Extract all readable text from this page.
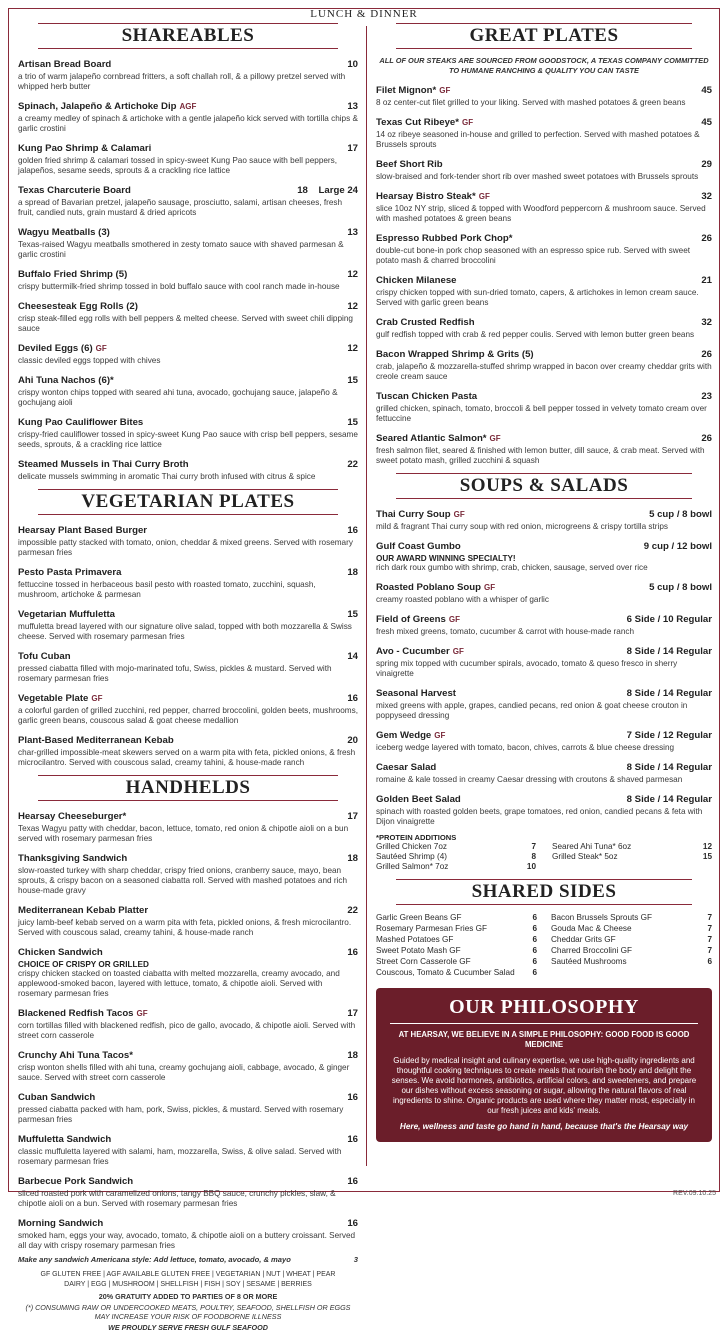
LUNCH & DINNER
SHAREABLES
Artisan Bread Board	10
a trio of warm jalapeño cornbread fritters, a soft challah roll, & a pillowy pretzel served with whipped herb butter
Spinach, Jalapeño & Artichoke Dip AGF	13
a creamy medley of spinach & artichoke with a gentle jalapeño kick served with tortilla chips & garlic crostini
Kung Pao Shrimp & Calamari	17
golden fried shrimp & calamari tossed in spicy-sweet Kung Pao sauce with bell peppers, jalapeños, sesame seeds, sprouts & a crackling rice lattice
Texas Charcuterie Board	18 Large 24
a spread of Bavarian pretzel, jalapeño sausage, prosciutto, salami, artisan cheeses, fresh fruit, candied nuts, grain mustard & dried apricots
Wagyu Meatballs (3)	13
Texas-raised Wagyu meatballs smothered in zesty tomato sauce with shaved parmesan & garlic crostini
Buffalo Fried Shrimp (5)	12
crispy buttermilk-fried shrimp tossed in bold buffalo sauce with cool ranch made in-house
Cheesesteak Egg Rolls (2)	12
crisp steak-filled egg rolls with bell peppers & melted cheese. Served with sweet chili dipping sauce
Deviled Eggs (6) GF	12
classic deviled eggs topped with chives
Ahi Tuna Nachos (6)*	15
crispy wonton chips topped with seared ahi tuna, avocado, gochujang sauce, jalapeño & gochujang aioli
Kung Pao Cauliflower Bites	15
crispy-fried cauliflower tossed in spicy-sweet Kung Pao sauce with crisp bell peppers, sesame seeds, sprouts, & a crackling rice lattice
Steamed Mussels in Thai Curry Broth	22
delicate mussels swimming in aromatic Thai curry broth infused with citrus & spice
VEGETARIAN PLATES
Hearsay Plant Based Burger	16
impossible patty stacked with tomato, onion, cheddar & mixed greens. Served with rosemary parmesan fries
Pesto Pasta Primavera	18
fettuccine tossed in herbaceous basil pesto with roasted tomato, zucchini, squash, mushroom, artichoke & parmesan
Vegetarian Muffuletta	15
muffuletta bread layered with our signature olive salad, topped with both mozzarella & Swiss cheese. Served with rosemary parmesan fries
Tofu Cuban	14
pressed ciabatta filled with mojo-marinated tofu, Swiss, pickles & mustard. Served with rosemary parmesan fries
Vegetable Plate GF	16
a colorful garden of grilled zucchini, red pepper, charred broccolini, golden beets, mushrooms, garlic green beans, couscous salad & goat cheese medallion
Plant-Based Mediterranean Kebab	20
char-grilled impossible-meat skewers served on a warm pita with feta, pickled onions, & fresh microcilantro. Served with couscous salad, creamy tahini, & house-made ranch
HANDHELDS
Hearsay Cheeseburger*	17
Texas Wagyu patty with cheddar, bacon, lettuce, tomato, red onion & chipotle aioli on a bun served with rosemary parmesan fries
Thanksgiving Sandwich	18
slow-roasted turkey with sharp cheddar, crispy fried onions, cranberry sauce, mayo, bean sprouts, & crispy bacon on a seasoned ciabatta roll. Served with mashed potatoes and rich house-made gravy
Mediterranean Kebab Platter	22
juicy lamb-beef kebab served on a warm pita with feta, pickled onions, & fresh microcilantro. Served with couscous salad, creamy tahini, & house-made ranch
Chicken Sandwich	16
CHOICE OF CRISPY OR GRILLED
crispy chicken stacked on toasted ciabatta with melted mozzarella, creamy avocado, and applewood-smoked bacon, layered with lettuce, tomato, & chipotle aioli. Served with rosemary parmesan fries
Blackened Redfish Tacos GF	17
corn tortillas filled with blackened redfish, pico de gallo, avocado, & chipotle aioli. Served with street corn casserole
Crunchy Ahi Tuna Tacos*	18
crisp wonton shells filled with ahi tuna, creamy gochujang aioli, cabbage, avocado, & ginger sauce. Served with street corn casserole
Cuban Sandwich	16
pressed ciabatta packed with ham, pork, Swiss, pickles, & mustard. Served with rosemary parmesan fries
Muffuletta Sandwich	16
classic muffuletta layered with salami, ham, mozzarella, Swiss, & olive salad. Served with rosemary parmesan fries
Barbecue Pork Sandwich	16
sliced roasted pork with caramelized onions, tangy BBQ sauce, crunchy pickles, slaw, & chipotle aioli on a bun. Served with rosemary parmesan fries
Morning Sandwich	16
smoked ham, eggs your way, avocado, tomato, & chipotle aioli on a buttery croissant. Served all day with crispy rosemary parmesan fries
Make any sandwich Americana style: Add lettuce, tomato, avocado, & mayo	3
GF GLUTEN FREE | AGF AVAILABLE GLUTEN FREE | VEGETARIAN | NUT | WHEAT | PEAR
DAIRY | EGG | MUSHROOM | SHELLFISH | FISH | SOY | SESAME | BERRIES
20% GRATUITY ADDED TO PARTIES OF 8 OR MORE
(*) CONSUMING RAW OR UNDERCOOKED MEATS, POULTRY, SEAFOOD, SHELLFISH OR EGGS MAY INCREASE YOUR RISK OF FOODBORNE ILLNESS
WE PROUDLY SERVE FRESH GULF SEAFOOD
GREAT PLATES
ALL OF OUR STEAKS ARE SOURCED FROM GOODSTOCK, A TEXAS COMPANY COMMITTED TO HUMANE RANCHING & QUALITY YOU CAN TASTE
Filet Mignon* GF	45
8 oz center-cut filet grilled to your liking. Served with mashed potatoes & green beans
Texas Cut Ribeye* GF	45
14 oz ribeye seasoned in-house and grilled to perfection. Served with mashed potatoes & Brussels sprouts
Beef Short Rib	29
slow-braised and fork-tender short rib over mashed sweet potatoes with Brussels sprouts
Hearsay Bistro Steak* GF	32
slice 10oz NY strip, sliced & topped with Woodford peppercorn & mushroom sauce. Served with mashed potatoes & green beans
Espresso Rubbed Pork Chop*	26
double-cut bone-in pork chop seasoned with an espresso spice rub. Served with sweet potato mash & charred broccolini
Chicken Milanese	21
crispy chicken topped with sun-dried tomato, capers, & artichokes in lemon cream sauce. Served with garlic green beans
Crab Crusted Redfish	32
gulf redfish topped with crab & red pepper coulis. Served with lemon butter green beans
Bacon Wrapped Shrimp & Grits (5)	26
crab, jalapeño & mozzarella-stuffed shrimp wrapped in bacon over creamy cheddar grits with creole cream sauce
Tuscan Chicken Pasta	23
grilled chicken, spinach, tomato, broccoli & bell pepper tossed in velvety tomato cream over fettuccine
Seared Atlantic Salmon* GF	26
fresh salmon filet, seared & finished with lemon butter, dill sauce, & crab meat. Served with sweet potato mash, grilled zucchini & squash
SOUPS & SALADS
Thai Curry Soup GF	5 cup / 8 bowl
mild & fragrant Thai curry soup with red onion, microgreens & crispy tortilla strips
Gulf Coast Gumbo	9 cup / 12 bowl
OUR AWARD WINNING SPECIALTY!
rich dark roux gumbo with shrimp, crab, chicken, sausage, served over rice
Roasted Poblano Soup GF	5 cup / 8 bowl
creamy roasted poblano with a whisper of garlic
Field of Greens GF	6 Side / 10 Regular
fresh mixed greens, tomato, cucumber & carrot with house-made ranch
Avo - Cucumber GF	8 Side / 14 Regular
spring mix topped with cucumber spirals, avocado, tomato & queso fresco in sherry vinaigrette
Seasonal Harvest	8 Side / 14 Regular
mixed greens with apple, grapes, candied pecans, red onion & goat cheese crouton in poppyseed dressing
Gem Wedge GF	7 Side / 12 Regular
iceberg wedge layered with tomato, bacon, chives, carrots & blue cheese dressing
Caesar Salad	8 Side / 14 Regular
romaine & kale tossed in creamy Caesar dressing with croutons & shaved parmesan
Golden Beet Salad	8 Side / 14 Regular
spinach with roasted golden beets, grape tomatoes, red onion, candied pecans & feta with Dijon vinaigrette
*PROTEIN ADDITIONS
Grilled Chicken 7oz	7 Seared Ahi Tuna* 6oz	12
Sautéed Shrimp (4)	8 Grilled Steak* 5oz	15
Grilled Salmon* 7oz	10
SHARED SIDES
Garlic Green Beans GF	6
Rosemary Parmesan Fries GF	6
Mashed Potatoes GF	6
Sweet Potato Mash GF	6
Street Corn Casserole GF	6
Couscous, Tomato & Cucumber Salad 6
Bacon Brussels Sprouts GF	7
Gouda Mac & Cheese	7
Cheddar Grits GF	7
Charred Broccolini GF	7
Sautéed Mushrooms	6
OUR PHILOSOPHY
AT HEARSAY, WE BELIEVE IN A SIMPLE PHILOSOPHY: GOOD FOOD IS GOOD MEDICINE
Guided by medical insight and culinary expertise, we use high-quality ingredients and thoughtful cooking techniques to create meals that nourish the body and delight the senses. We avoid hormones, antibiotics, artificial colors, and sweeteners, and prepare our dishes without excess seasoning or sugar, allowing the natural flavors of real ingredients to shine. Organic products are used where they matter most, especially in our fresh juices and kids' meals.
Here, wellness and taste go hand in hand, because that's the Hearsay way
REV.09.10.25
